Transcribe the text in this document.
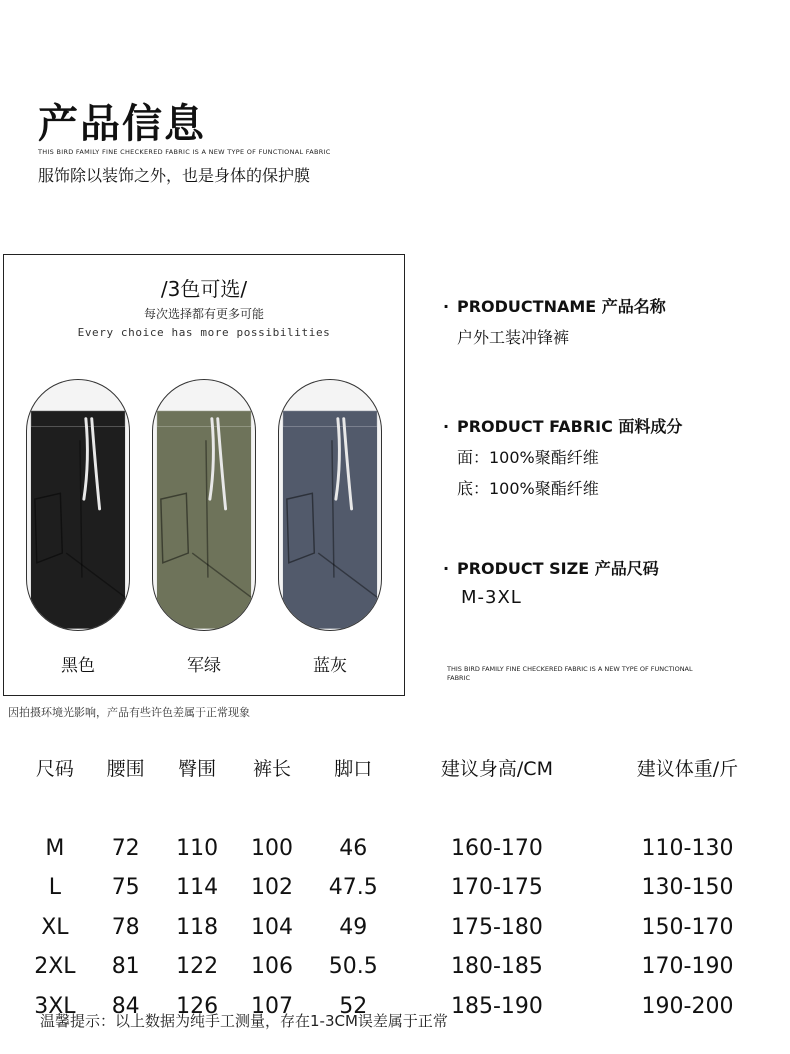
产品信息
THIS BIRD FAMILY FINE CHECKERED FABRIC IS A NEW TYPE OF FUNCTIONAL FABRIC
服饰除以装饰之外，也是身体的保护膜
/3色可选/
每次选择都有更多可能
Every choice has more possibilities
黑色	军绿	蓝灰
· PRODUCTNAME 产品名称
户外工装冲锋裤
· PRODUCT FABRIC 面料成分
面：100%聚酯纤维
底：100%聚酯纤维
· PRODUCT SIZE 产品尺码
M-3XL
THIS BIRD FAMILY FINE CHECKERED FABRIC IS A NEW TYPE OF FUNCTIONAL FABRIC
因拍摄环境光影响，产品有些许色差属于正常现象
尺码	腰围	臀围	裤长	脚口	建议身高/CM	建议体重/斤

M	72	110	100	46	160-170	110-130
L	75	114	102	47.5	170-175	130-150
XL	78	118	104	49	175-180	150-170
2XL	81	122	106	50.5	180-185	170-190
3XL	84	126	107	52	185-190	190-200
温馨提示：以上数据为纯手工测量，存在1-3CM误差属于正常
